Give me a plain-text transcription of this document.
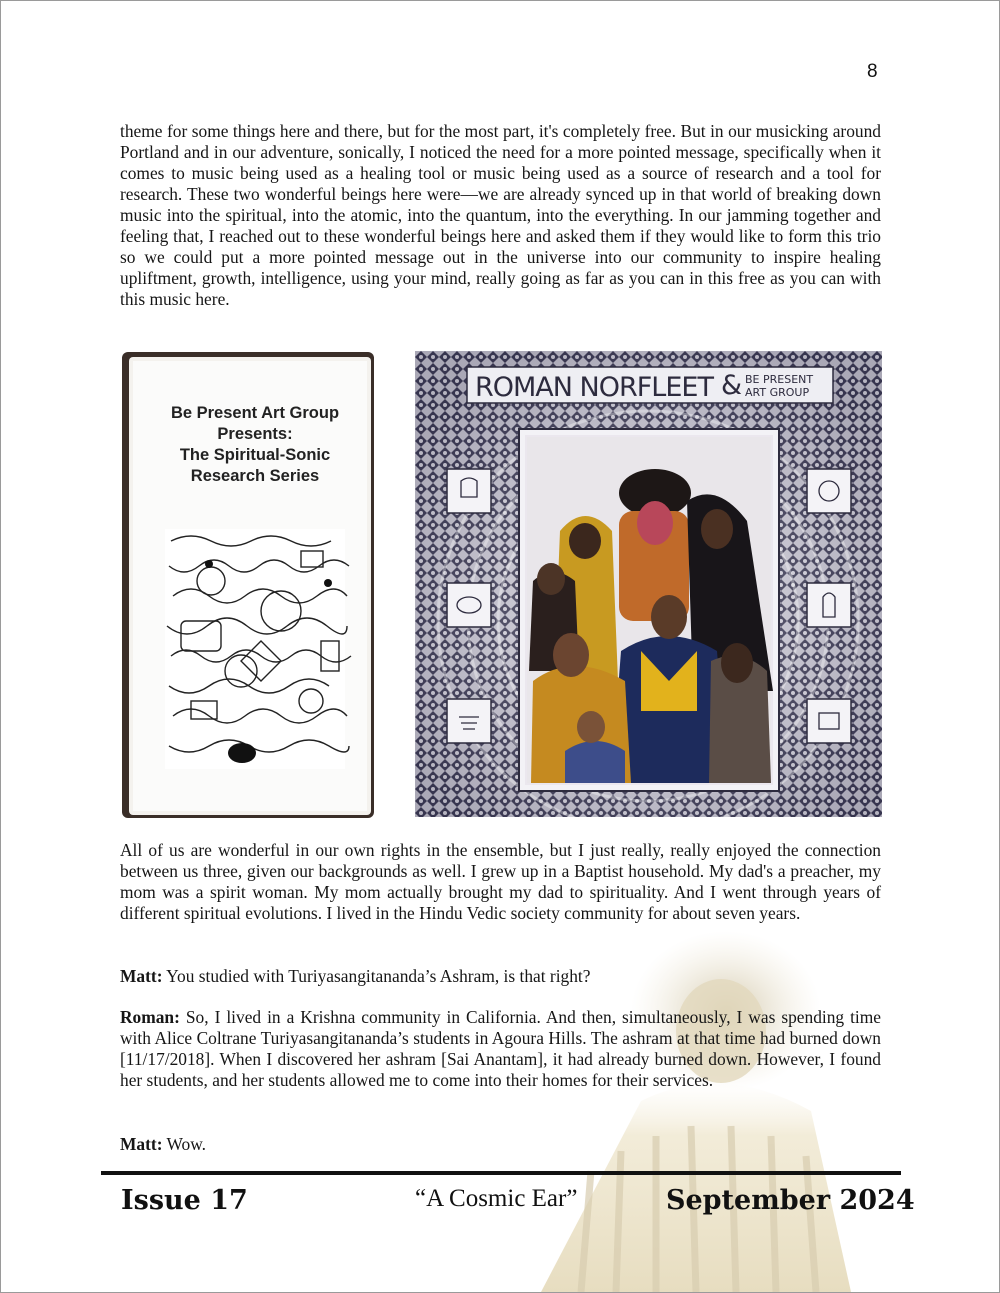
8

theme for some things here and there, but for the most part, it's completely free. But in our musicking around Portland and in our adventure, sonically, I noticed the need for a more pointed message, specifically when it comes to music being used as a healing tool or music being used as a source of research and a tool for research. These two wonderful beings here were—we are already synced up in that world of breaking down music into the spiritual, into the atomic, into the quantum, into the everything. In our jamming together and feeling that, I reached out to these wonderful beings here and asked them if they would like to form this trio so we could put a more pointed message out in the universe into our community to inspire healing upliftment, growth, intelligence, using your mind, really going as far as you can in this free as you can with this music here.

Be Present Art Group
Presents:
The Spiritual-Sonic
Research Series
ROMAN NORFLEET & BE PRESENT
ART GROUP

All of us are wonderful in our own rights in the ensemble, but I just really, really enjoyed the connection between us three, given our backgrounds as well. I grew up in a Baptist household. My dad's a preacher, my mom was a spirit woman. My mom actually brought my dad to spirituality. And I went through years of different spiritual evolutions. I lived in the Hindu Vedic society community for about seven years.

Matt: You studied with Turiyasangitananda’s Ashram, is that right?

Roman: So, I lived in a Krishna community in California. And then, simultaneously, I was spending time with Alice Coltrane Turiyasangitananda’s students in Agoura Hills. The ashram at that time had burned down [11/17/2018]. When I discovered her ashram [Sai Anantam], it had already burned down. However, I found her students, and her students allowed me to come into their homes for their services.

Matt: Wow.

Issue 17	“A Cosmic Ear”	September 2024
